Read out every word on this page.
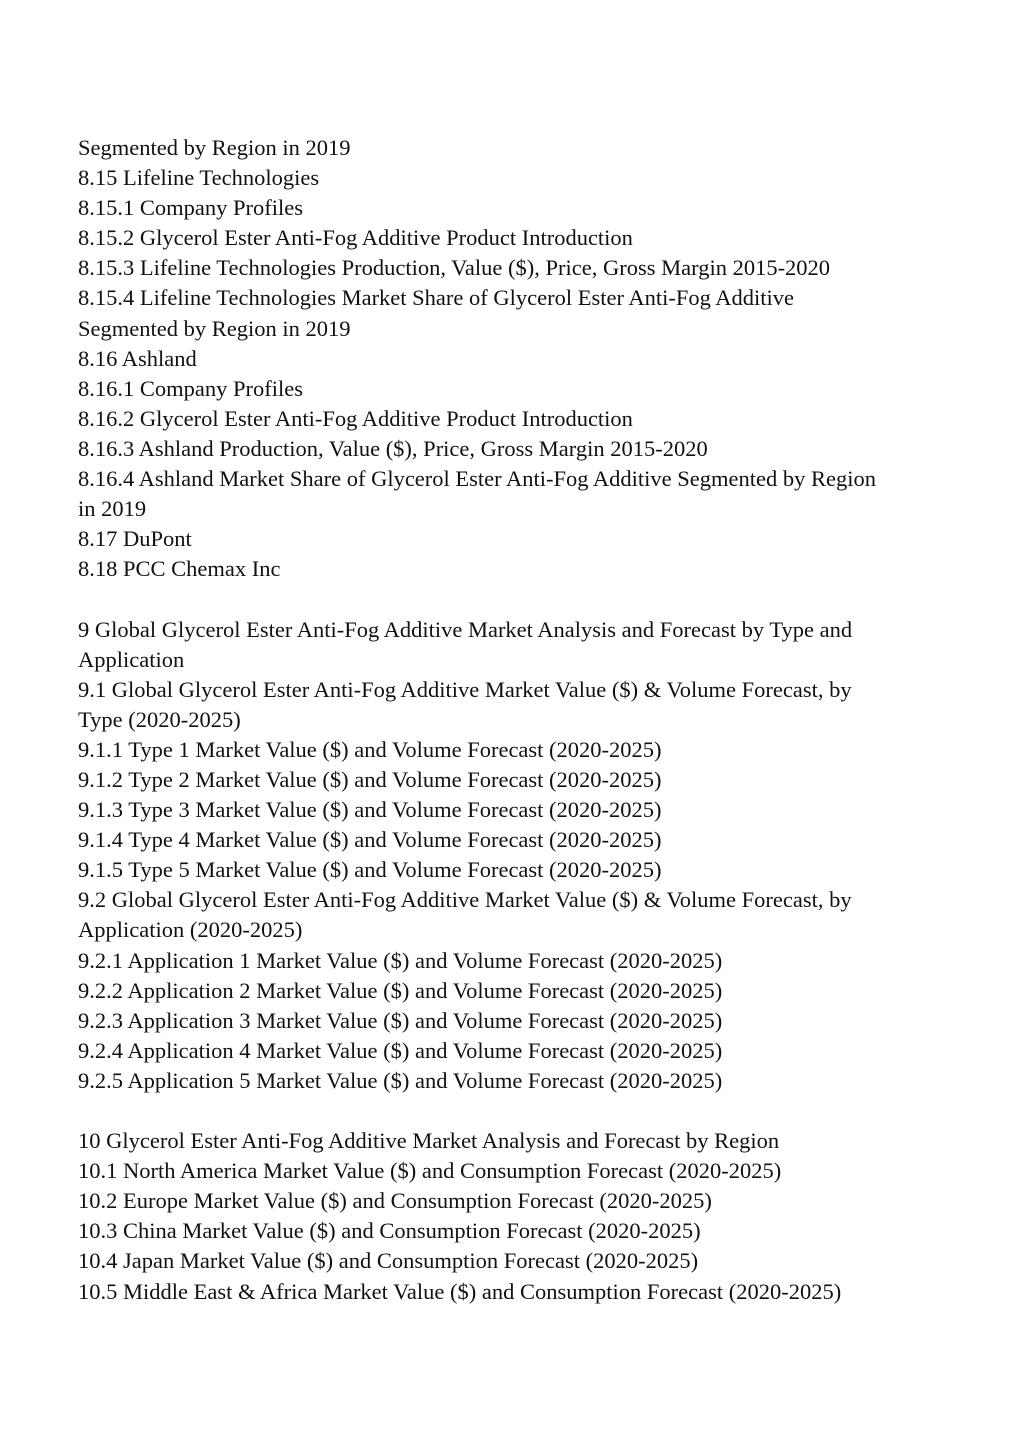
Segmented by Region in 2019
8.15 Lifeline Technologies
8.15.1 Company Profiles
8.15.2 Glycerol Ester Anti-Fog Additive Product Introduction
8.15.3 Lifeline Technologies Production, Value ($), Price, Gross Margin 2015-2020
8.15.4 Lifeline Technologies Market Share of Glycerol Ester Anti-Fog Additive
Segmented by Region in 2019
8.16 Ashland
8.16.1 Company Profiles
8.16.2 Glycerol Ester Anti-Fog Additive Product Introduction
8.16.3 Ashland Production, Value ($), Price, Gross Margin 2015-2020
8.16.4 Ashland Market Share of Glycerol Ester Anti-Fog Additive Segmented by Region
in 2019
8.17 DuPont
8.18 PCC Chemax Inc
9 Global Glycerol Ester Anti-Fog Additive Market Analysis and Forecast by Type and
Application
9.1 Global Glycerol Ester Anti-Fog Additive Market Value ($) & Volume Forecast, by
Type (2020-2025)
9.1.1 Type 1 Market Value ($) and Volume Forecast (2020-2025)
9.1.2 Type 2 Market Value ($) and Volume Forecast (2020-2025)
9.1.3 Type 3 Market Value ($) and Volume Forecast (2020-2025)
9.1.4 Type 4 Market Value ($) and Volume Forecast (2020-2025)
9.1.5 Type 5 Market Value ($) and Volume Forecast (2020-2025)
9.2 Global Glycerol Ester Anti-Fog Additive Market Value ($) & Volume Forecast, by
Application (2020-2025)
9.2.1 Application 1 Market Value ($) and Volume Forecast (2020-2025)
9.2.2 Application 2 Market Value ($) and Volume Forecast (2020-2025)
9.2.3 Application 3 Market Value ($) and Volume Forecast (2020-2025)
9.2.4 Application 4 Market Value ($) and Volume Forecast (2020-2025)
9.2.5 Application 5 Market Value ($) and Volume Forecast (2020-2025)
10 Glycerol Ester Anti-Fog Additive Market Analysis and Forecast by Region
10.1 North America Market Value ($) and Consumption Forecast (2020-2025)
10.2 Europe Market Value ($) and Consumption Forecast (2020-2025)
10.3 China Market Value ($) and Consumption Forecast (2020-2025)
10.4 Japan Market Value ($) and Consumption Forecast (2020-2025)
10.5 Middle East & Africa Market Value ($) and Consumption Forecast (2020-2025)
